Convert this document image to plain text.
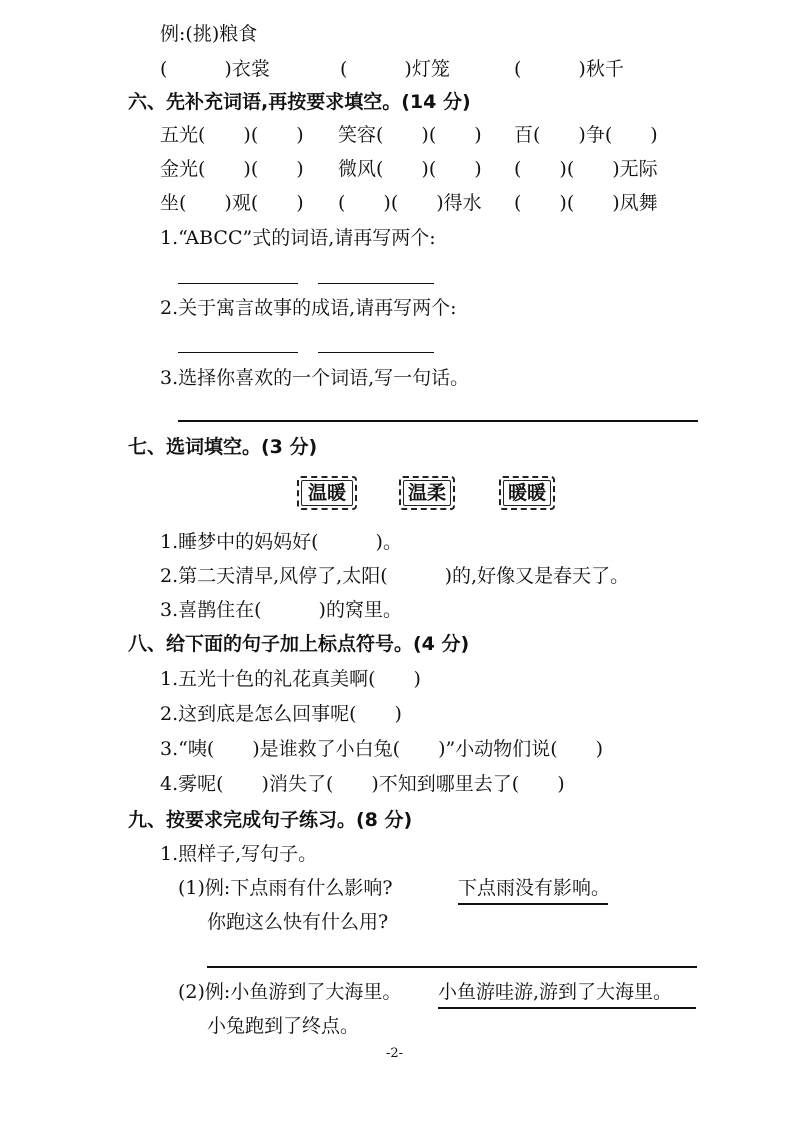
例:(挑)粮食
(　　　)衣裳	(　　　)灯笼	(　　　)秋千
六、先补充词语,再按要求填空。(14 分)
五光(　　)(　　) 笑容(　　)(　　) 百(　　)争(　　)
金光(　　)(　　) 微风(　　)(　　) (　　)(　　)无际
坐(　　)观(　　) (　　)(　　)得水 (　　)(　　)凤舞
1.“ABCC”式的词语,请再写两个:
2.关于寓言故事的成语,请再写两个:
3.选择你喜欢的一个词语,写一句话。
七、选词填空。(3 分)
温暖	温柔	暖暖
1.睡梦中的妈妈好(　　　)。
2.第二天清早,风停了,太阳(　　　)的,好像又是春天了。
3.喜鹊住在(　　　)的窝里。
八、给下面的句子加上标点符号。(4 分)
1.五光十色的礼花真美啊(　　)
2.这到底是怎么回事呢(　　)
3.“咦(　　)是谁救了小白兔(　　)”小动物们说(　　)
4.雾呢(　　)消失了(　　)不知到哪里去了(　　)
九、按要求完成句子练习。(8 分)
1.照样子,写句子。
(1)例:下点雨有什么影响?	下点雨没有影响。
你跑这么快有什么用?
(2)例:小鱼游到了大海里。 小鱼游哇游,游到了大海里。
小兔跑到了终点。
-2-
